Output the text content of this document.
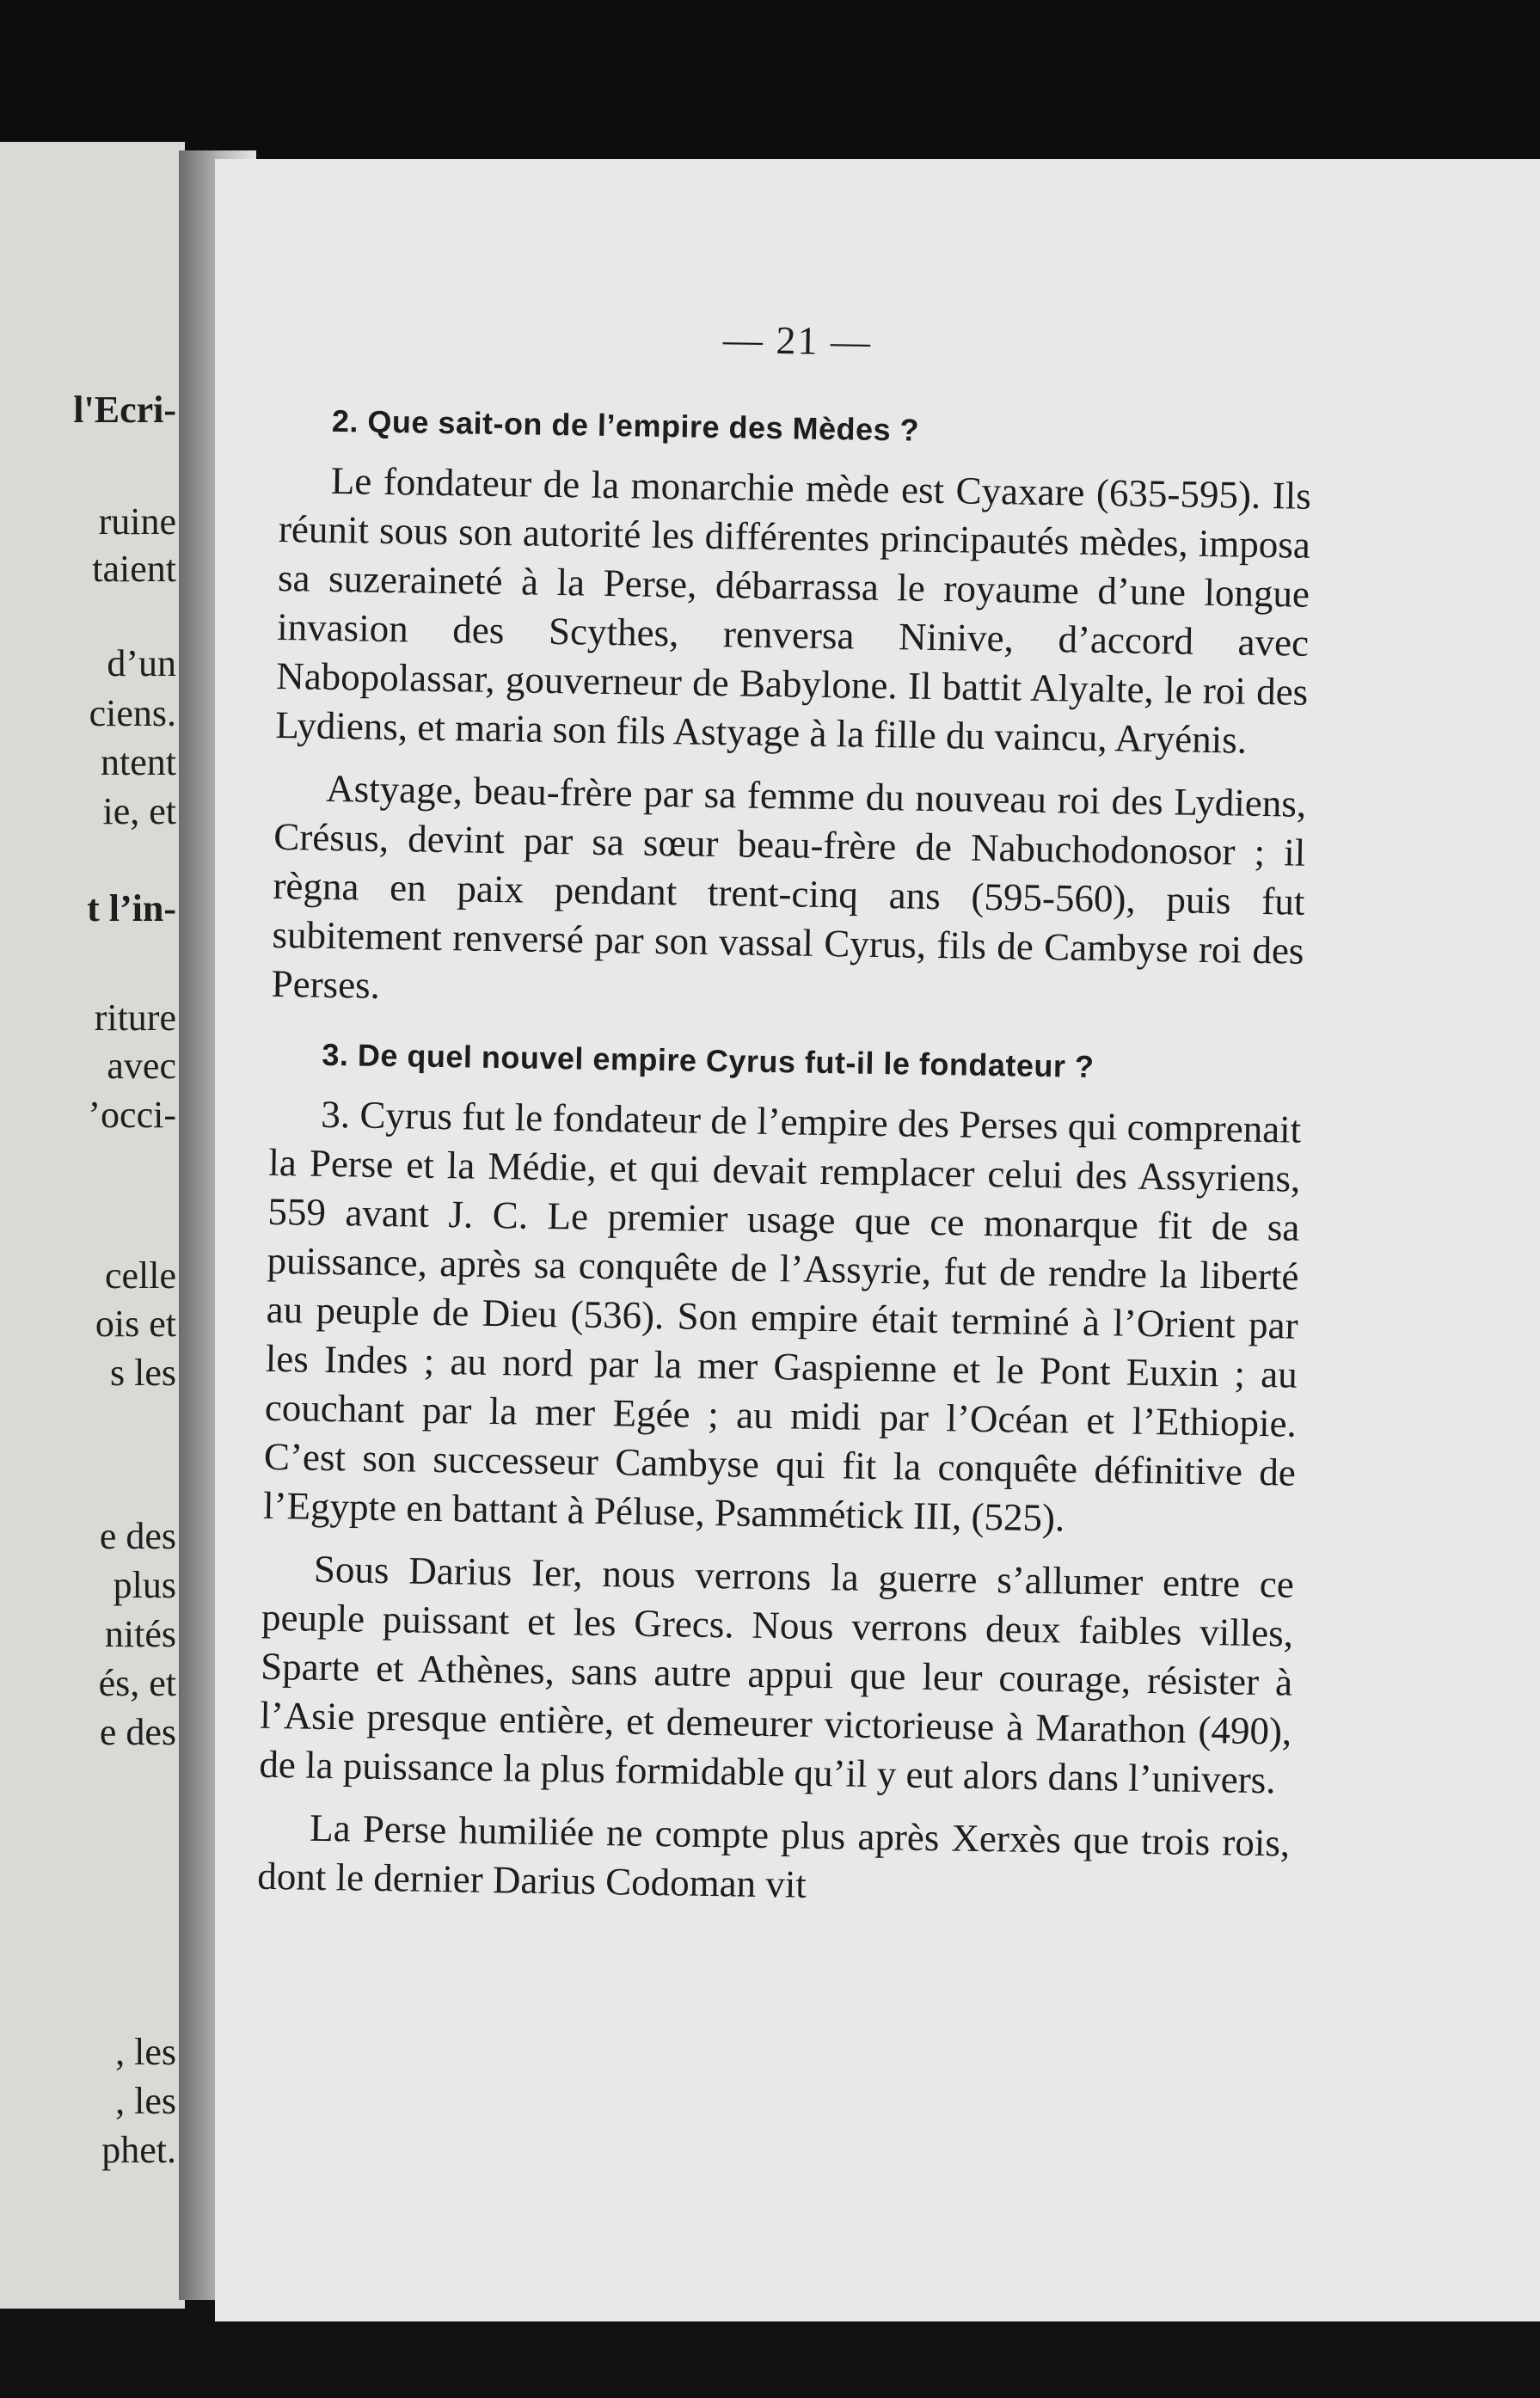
l'Ecri-
ruine
taient
d’un
ciens.
ntent
ie, et
t l’in-
riture
avec
’occi-
celle
ois et
s les
e des
plus
nités
és, et
e des
, les
, les
phet.
— 21 —
2. Que sait-on de l’empire des Mèdes ?

Le fondateur de la monarchie mède est Cyaxare (635-595). Ils réunit sous son autorité les différentes principautés mèdes, imposa sa suzeraineté à la Perse, débarrassa le royaume d’une longue invasion des Scythes, renversa Ninive, d’accord avec Nabopolassar, gouverneur de Babylone. Il battit Alyalte, le roi des Lydiens, et maria son fils Astyage à la fille du vaincu, Aryénis.

Astyage, beau-frère par sa femme du nouveau roi des Lydiens, Crésus, devint par sa sœur beau-frère de Nabuchodonosor ; il règna en paix pendant trent-cinq ans (595-560), puis fut subitement renversé par son vassal Cyrus, fils de Cambyse roi des Perses.

3. De quel nouvel empire Cyrus fut-il le fondateur ?

3. Cyrus fut le fondateur de l’empire des Perses qui comprenait la Perse et la Médie, et qui devait remplacer celui des Assyriens, 559 avant J. C. Le premier usage que ce monarque fit de sa puissance, après sa conquête de l’Assyrie, fut de rendre la liberté au peuple de Dieu (536). Son empire était terminé à l’Orient par les Indes ; au nord par la mer Gaspienne et le Pont Euxin ; au couchant par la mer Egée ; au midi par l’Océan et l’Ethiopie. C’est son successeur Cambyse qui fit la conquête définitive de l’Egypte en battant à Péluse, Psammétick III, (525).

Sous Darius Ier, nous verrons la guerre s’allumer entre ce peuple puissant et les Grecs. Nous verrons deux faibles villes, Sparte et Athènes, sans autre appui que leur courage, résister à l’Asie presque entière, et demeurer victorieuse à Marathon (490), de la puissance la plus formidable qu’il y eut alors dans l’univers.

La Perse humiliée ne compte plus après Xerxès que trois rois, dont le dernier Darius Codoman vit
